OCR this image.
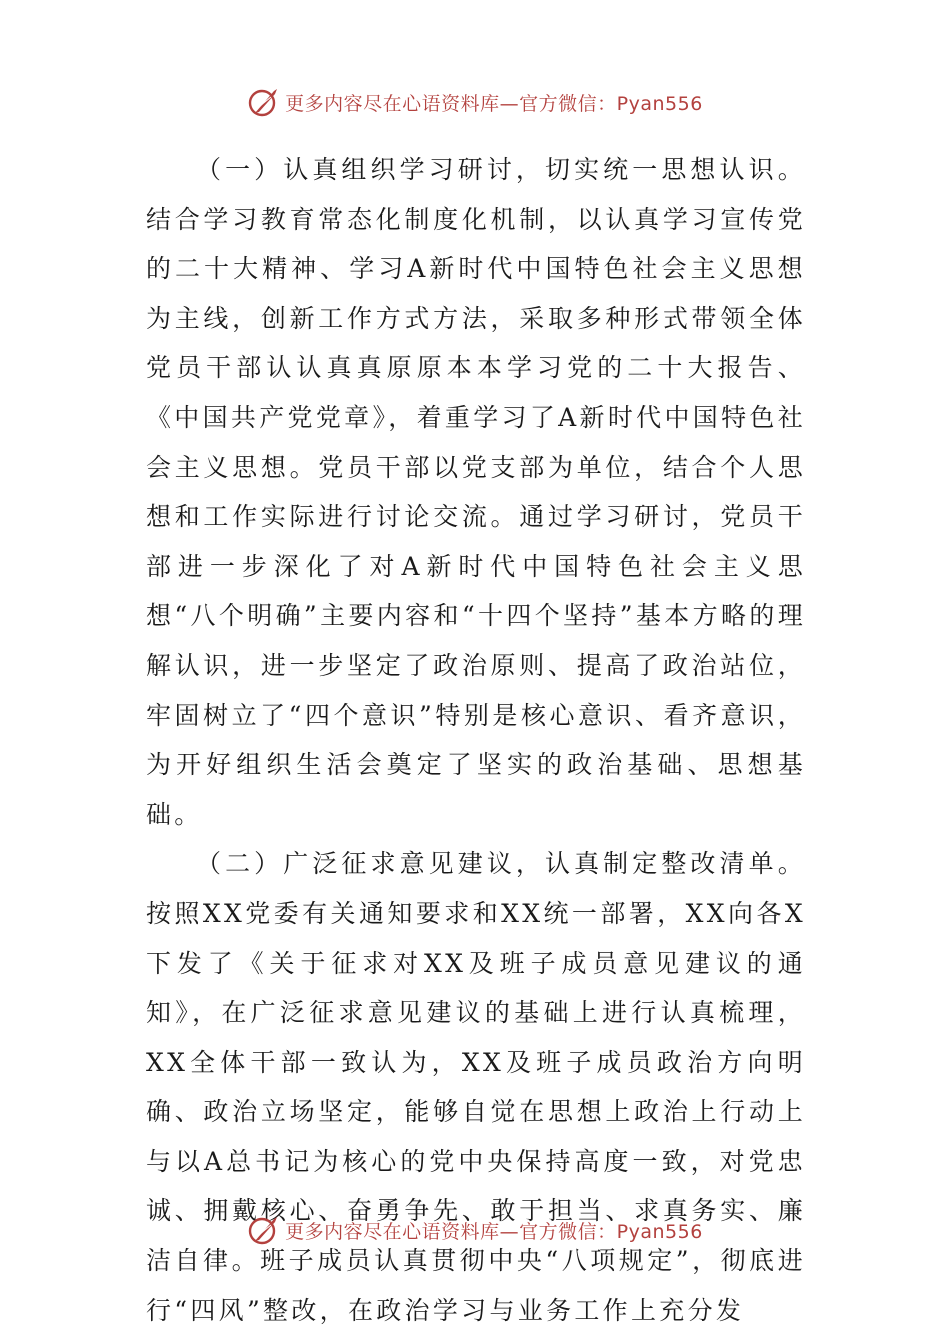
更多内容尽在心语资料库—官方微信：Pyan556

（一）认真组织学习研讨，切实统一思想认识。结合学习教育常态化制度化机制，以认真学习宣传党的二十大精神、学习A新时代中国特色社会主义思想为主线，创新工作方式方法，采取多种形式带领全体党员干部认认真真原原本本学习党的二十大报告、《中国共产党党章》，着重学习了A新时代中国特色社会主义思想。党员干部以党支部为单位，结合个人思想和工作实际进行讨论交流。通过学习研讨，党员干部进一步深化了对A新时代中国特色社会主义思想“八个明确”主要内容和“十四个坚持”基本方略的理解认识，进一步坚定了政治原则、提高了政治站位，牢固树立了“四个意识”特别是核心意识、看齐意识，为开好组织生活会奠定了坚实的政治基础、思想基础。

（二）广泛征求意见建议，认真制定整改清单。按照XX党委有关通知要求和XX统一部署，XX向各X下发了《关于征求对XX及班子成员意见建议的通知》，在广泛征求意见建议的基础上进行认真梳理，XX全体干部一致认为，XX及班子成员政治方向明确、政治立场坚定，能够自觉在思想上政治上行动上与以A总书记为核心的党中央保持高度一致，对党忠诚、拥戴核心、奋勇争先、敢于担当、求真务实、廉洁自律。班子成员认真贯彻中央“八项规定”，彻底进行“四风”整改，在政治学习与业务工作上充分发

更多内容尽在心语资料库—官方微信：Pyan556
